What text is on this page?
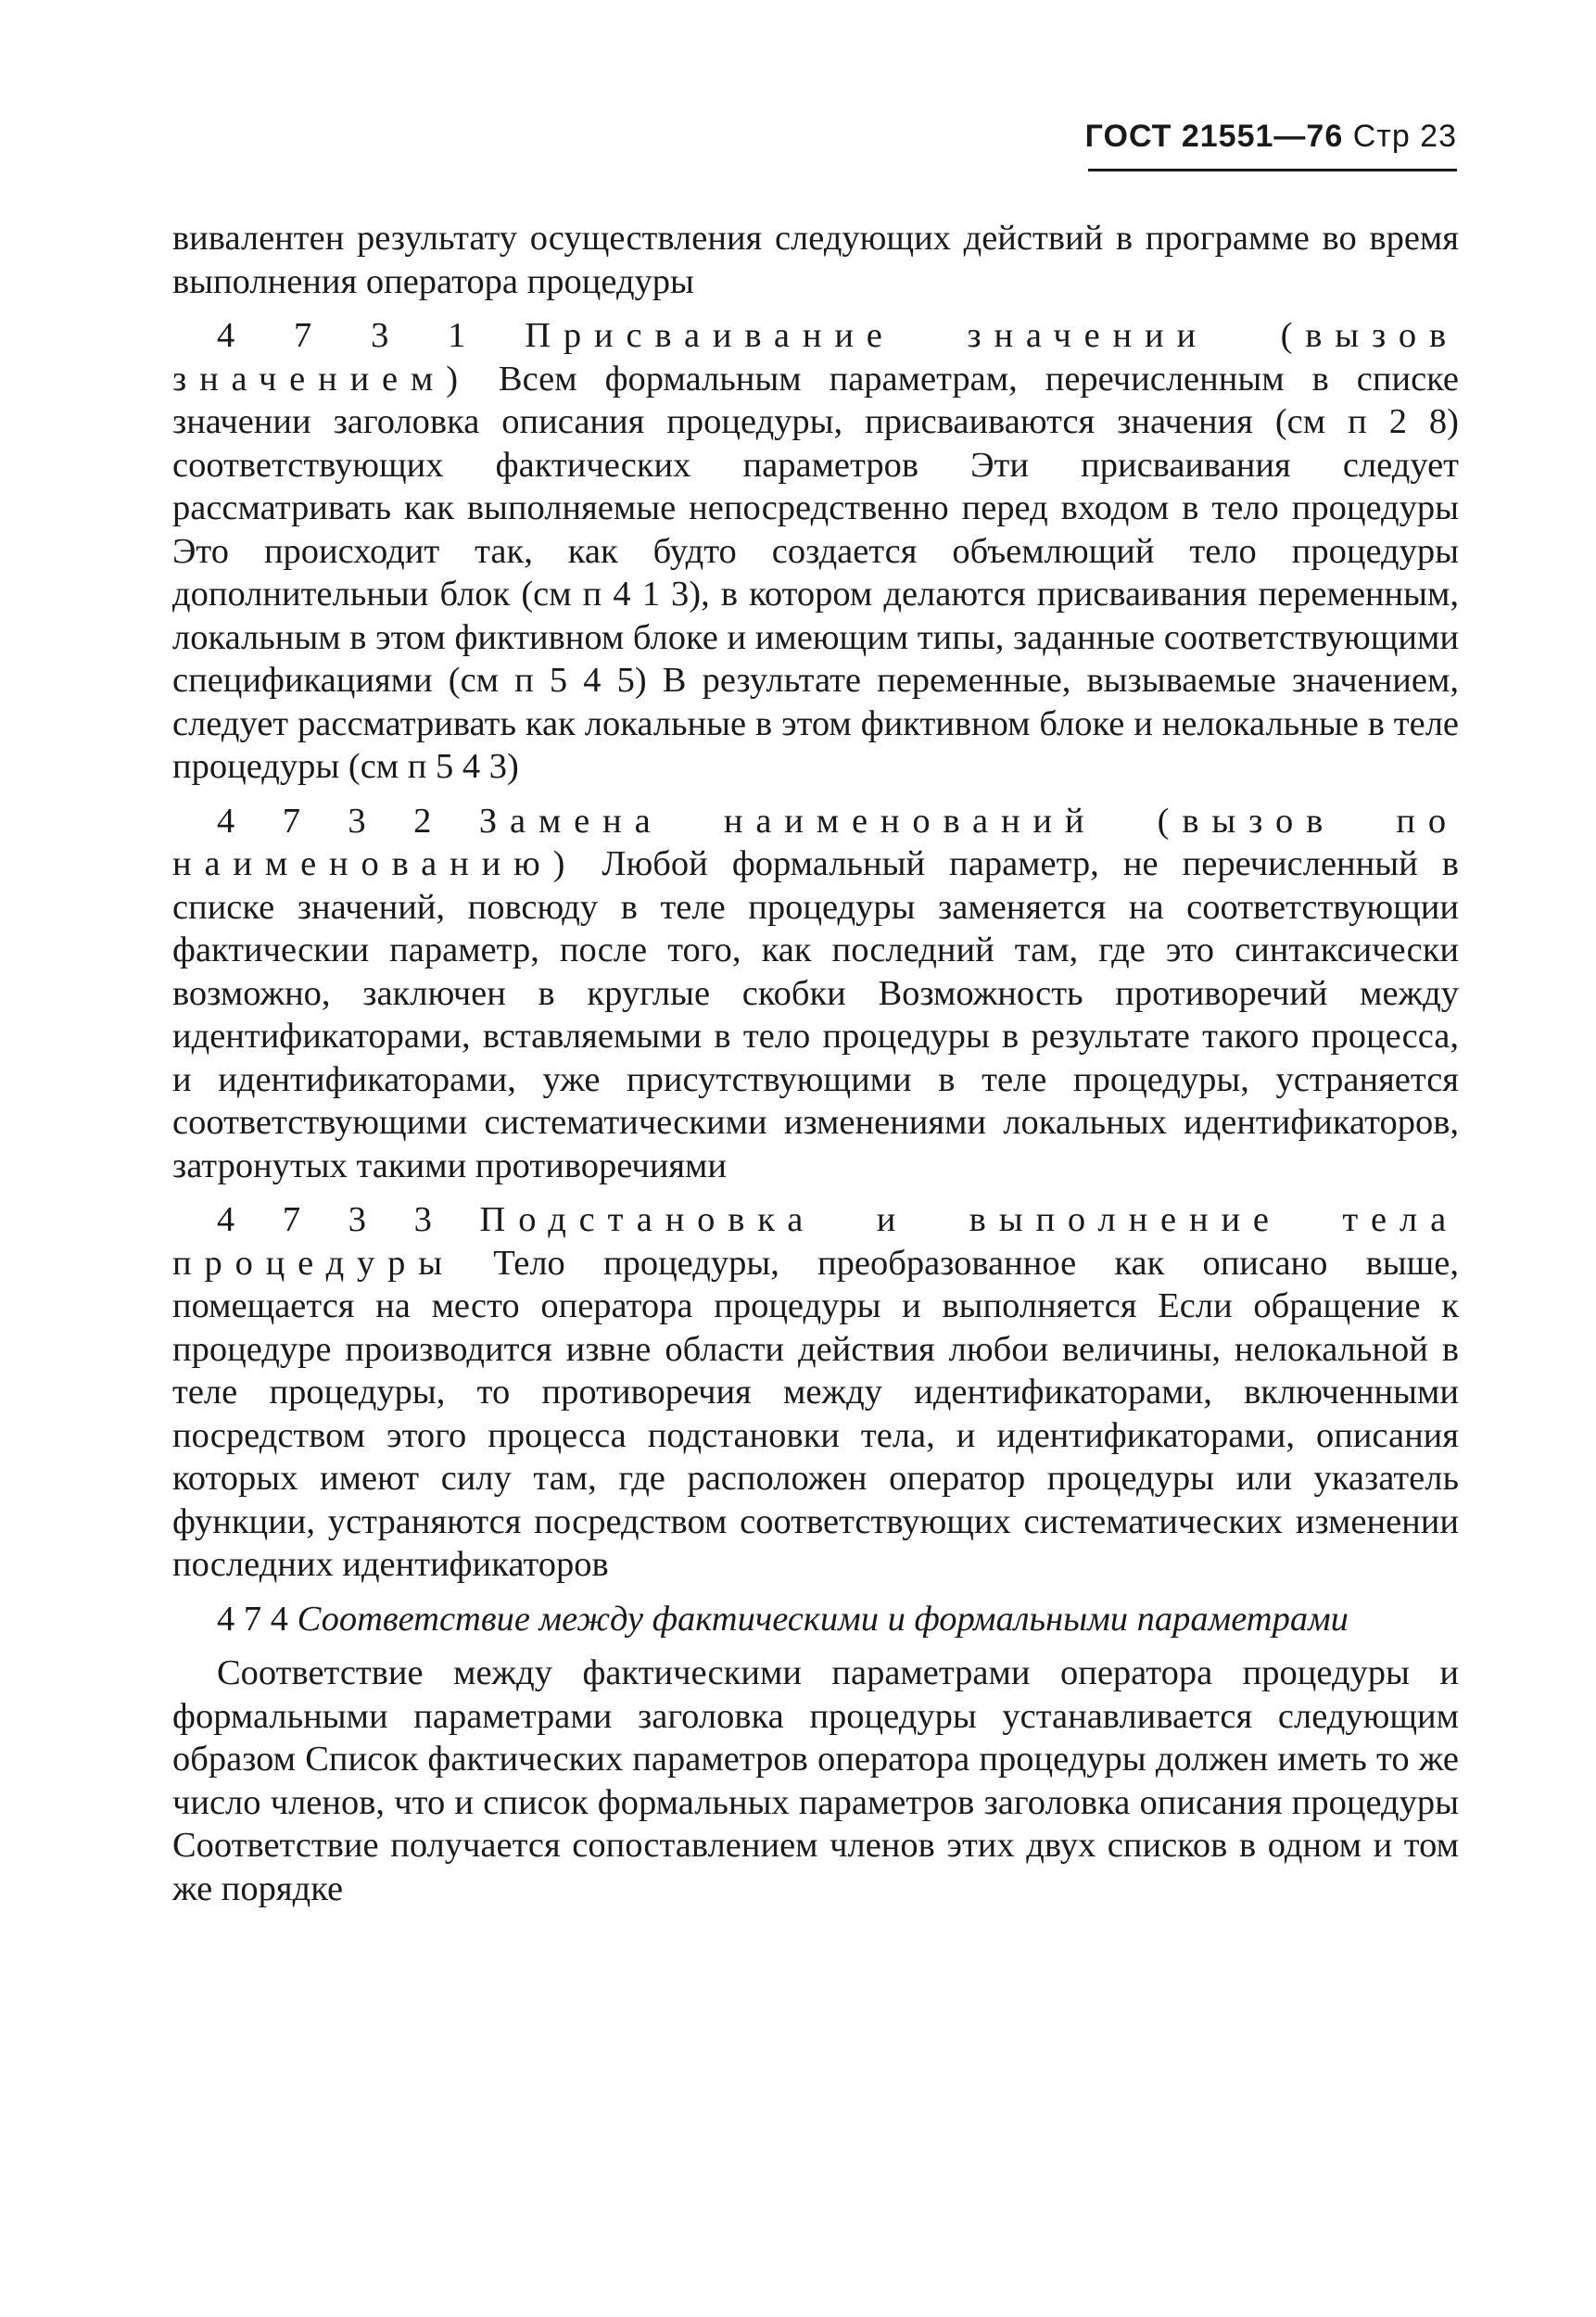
ГОСТ 21551—76 Стр 23

вивалентен результату осуществления следующих действий в программе во время выполнения оператора процедуры

4 7 3 1 Присваивание значении (вызов значением) Всем формальным параметрам, перечисленным в списке значении заголовка описания процедуры, присваиваются значения (см п 2 8) соответствующих фактических параметров Эти присваивания следует рассматривать как выполняемые непосредственно перед входом в тело процедуры Это происходит так, как будто создается объемлющий тело процедуры дополнительныи блок (см п 4 1 3), в котором делаются присваивания переменным, локальным в этом фиктивном блоке и имеющим типы, заданные соответствующими спецификациями (см п 5 4 5) В результате переменные, вызываемые значением, следует рассматривать как локальные в этом фиктивном блоке и нелокальные в теле процедуры (см п 5 4 3)

4 7 3 2 Замена наименований (вызов по наименованию) Любой формальный параметр, не перечисленный в списке значений, повсюду в теле процедуры заменяется на соответствующии фактическии параметр, после того, как последний там, где это синтаксически возможно, заключен в круглые скобки Возможность противоречий между идентификаторами, вставляемыми в тело процедуры в результате такого процесса, и идентификаторами, уже присутствующими в теле процедуры, устраняется соответствующими систематическими изменениями локальных идентификаторов, затронутых такими противоречиями

4 7 3 3 Подстановка и выполнение тела процедуры Тело процедуры, преобразованное как описано выше, помещается на место оператора процедуры и выполняется Если обращение к процедуре производится извне области действия любои величины, нелокальной в теле процедуры, то противоречия между идентификаторами, включенными посредством этого процесса подстановки тела, и идентификаторами, описания которых имеют силу там, где расположен оператор процедуры или указатель функции, устраняются посредством соответствующих систематических изменении последних идентификаторов

4 7 4 Соответствие между фактическими и формальными параметрами

Соответствие между фактическими параметрами оператора процедуры и формальными параметрами заголовка процедуры устанавливается следующим образом Список фактических параметров оператора процедуры должен иметь то же число членов, что и список формальных параметров заголовка описания процедуры Соответствие получается сопоставлением членов этих двух списков в одном и том же порядке
